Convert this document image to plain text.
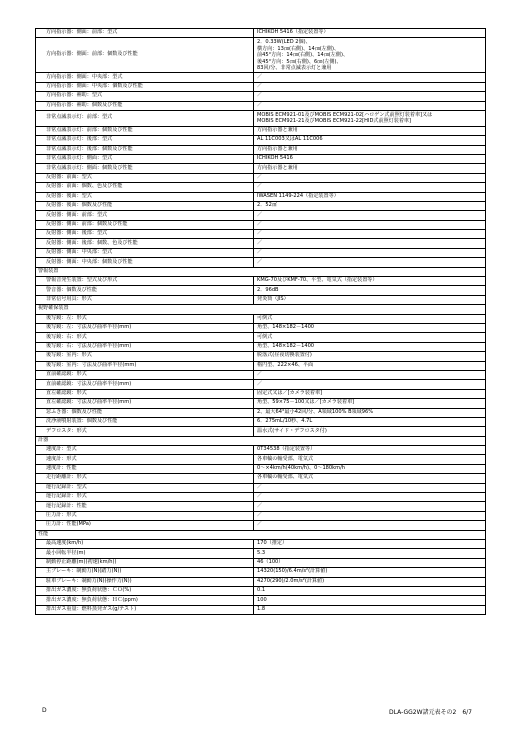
方向指示器：側面：前部：型式	ICHIKOH 5416（指定装置等）
方向指示器：側面：前部：個数及び性能	2．0.33W(LED 2個)、
横方向：13㎝(右側)、14㎝(左側)、
前45°方向：14㎝(右側)、14㎝(左側)、
後45°方向：5㎝(右側)、6㎝(左側)、
83回/分、非常点滅表示灯と兼用
方向指示器：側面：中央部：型式	／
方向指示器：側面：中央部：個数及び性能	／
方向指示器：補助：型式	／
方向指示器：補助：個数及び性能	／
非常点滅表示灯：前部：型式	MOBIS ECM921-01及びMOBIS ECM921-02[ハロゲン式前照灯装着車]又は
MOBIS ECM921-21及びMOBIS ECM921-22[HID式前照灯装着車]
非常点滅表示灯：前部：個数及び性能	方向指示器と兼用
非常点滅表示灯：後部：型式	AL 11C003又はAL 11C006
非常点滅表示灯：後部：個数及び性能	方向指示器と兼用
非常点滅表示灯：側面：型式	ICHIKOH 5416
非常点滅表示灯：側面：個数及び性能	方向指示器と兼用
反射器：前面：型式	／
反射器：前面：個数、色及び性能	／
反射器：後面：型式	IWASEN 1149-224（指定装置等）
反射器：後面：個数及び性能	2．52㎠
反射器：側面：前部：型式	／
反射器：側面：前部：個数及び性能	／
反射器：側面：後部：型式	／
反射器：側面：後部：個数、色及び性能	／
反射器：側面：中央部：型式	／
反射器：側面：中央部：個数及び性能	／
警報装置	
警報音発生装置：型式及び形式	KMG-70及びKMF-70、平型、電気式（指定装置等）
警音器：個数及び性能	2．96dB
非常信号用具：形式	発炎筒（JIS）
視野確保装置	
後写鏡：左：形式	可倒式
後写鏡：左：寸法及び曲率半径(mm)	角型、148×182－1400
後写鏡：右：形式	可倒式
後写鏡：右：寸法及び曲率半径(mm)	角型、148×182－1400
後写鏡：室内：形式	脱落式(昼夜切換装置付)
後写鏡：室内：寸法及び曲率半径(mm)	楕円型、222×46、平面
直前確認鏡：形式	／
直前確認鏡：寸法及び曲率半径(mm)	／
直左確認鏡：形式	固定式又は／[カメラ装着車]
直左確認鏡：寸法及び曲率半径(mm)	角型、59×75－100又は／[カメラ装着車]
窓ふき器：個数及び性能	2、最大64°最小42回/分、A領域100% B領域96%
洗浄液噴射装置：個数及び性能	6．275mL/10秒、4.7L
デフロスタ：形式	温水式(サイド・デフロスタ付)
計器	
速度計：型式	0T34538（指定装置等）
速度計：形式	各車輪の軸受部、電気式
速度計：性能	0〜×4km/h(40km/h)、0〜180km/h
走行距離計：形式	各車輪の軸受部、電気式
運行記録計：型式	／
運行記録計：形式	／
運行記録計：性能	／
圧力計：形式	／
圧力計：性能(MPa)	／
性能	
最高速度(km/h)	170（推定）
最小回転半径(m)	5.3
制動停止距離(m)(初速(km/h))	46（100）
主ブレーキ：制動力(N)(踏力(N))	14320(150)/6.4m/s²(計算値)
駐車ブレーキ：制動力(N)(操作力(N))	4270(290)/2.0m/s²(計算値)
排出ガス濃度：無負荷状態：ＣＯ(%)	0.1
排出ガス濃度：無負荷状態：ＨＣ(ppm)	100
排出ガス重量：燃料蒸発ガス(g/テスト)	1.8
D	DLA-GG2W諸元表その2　6/7
